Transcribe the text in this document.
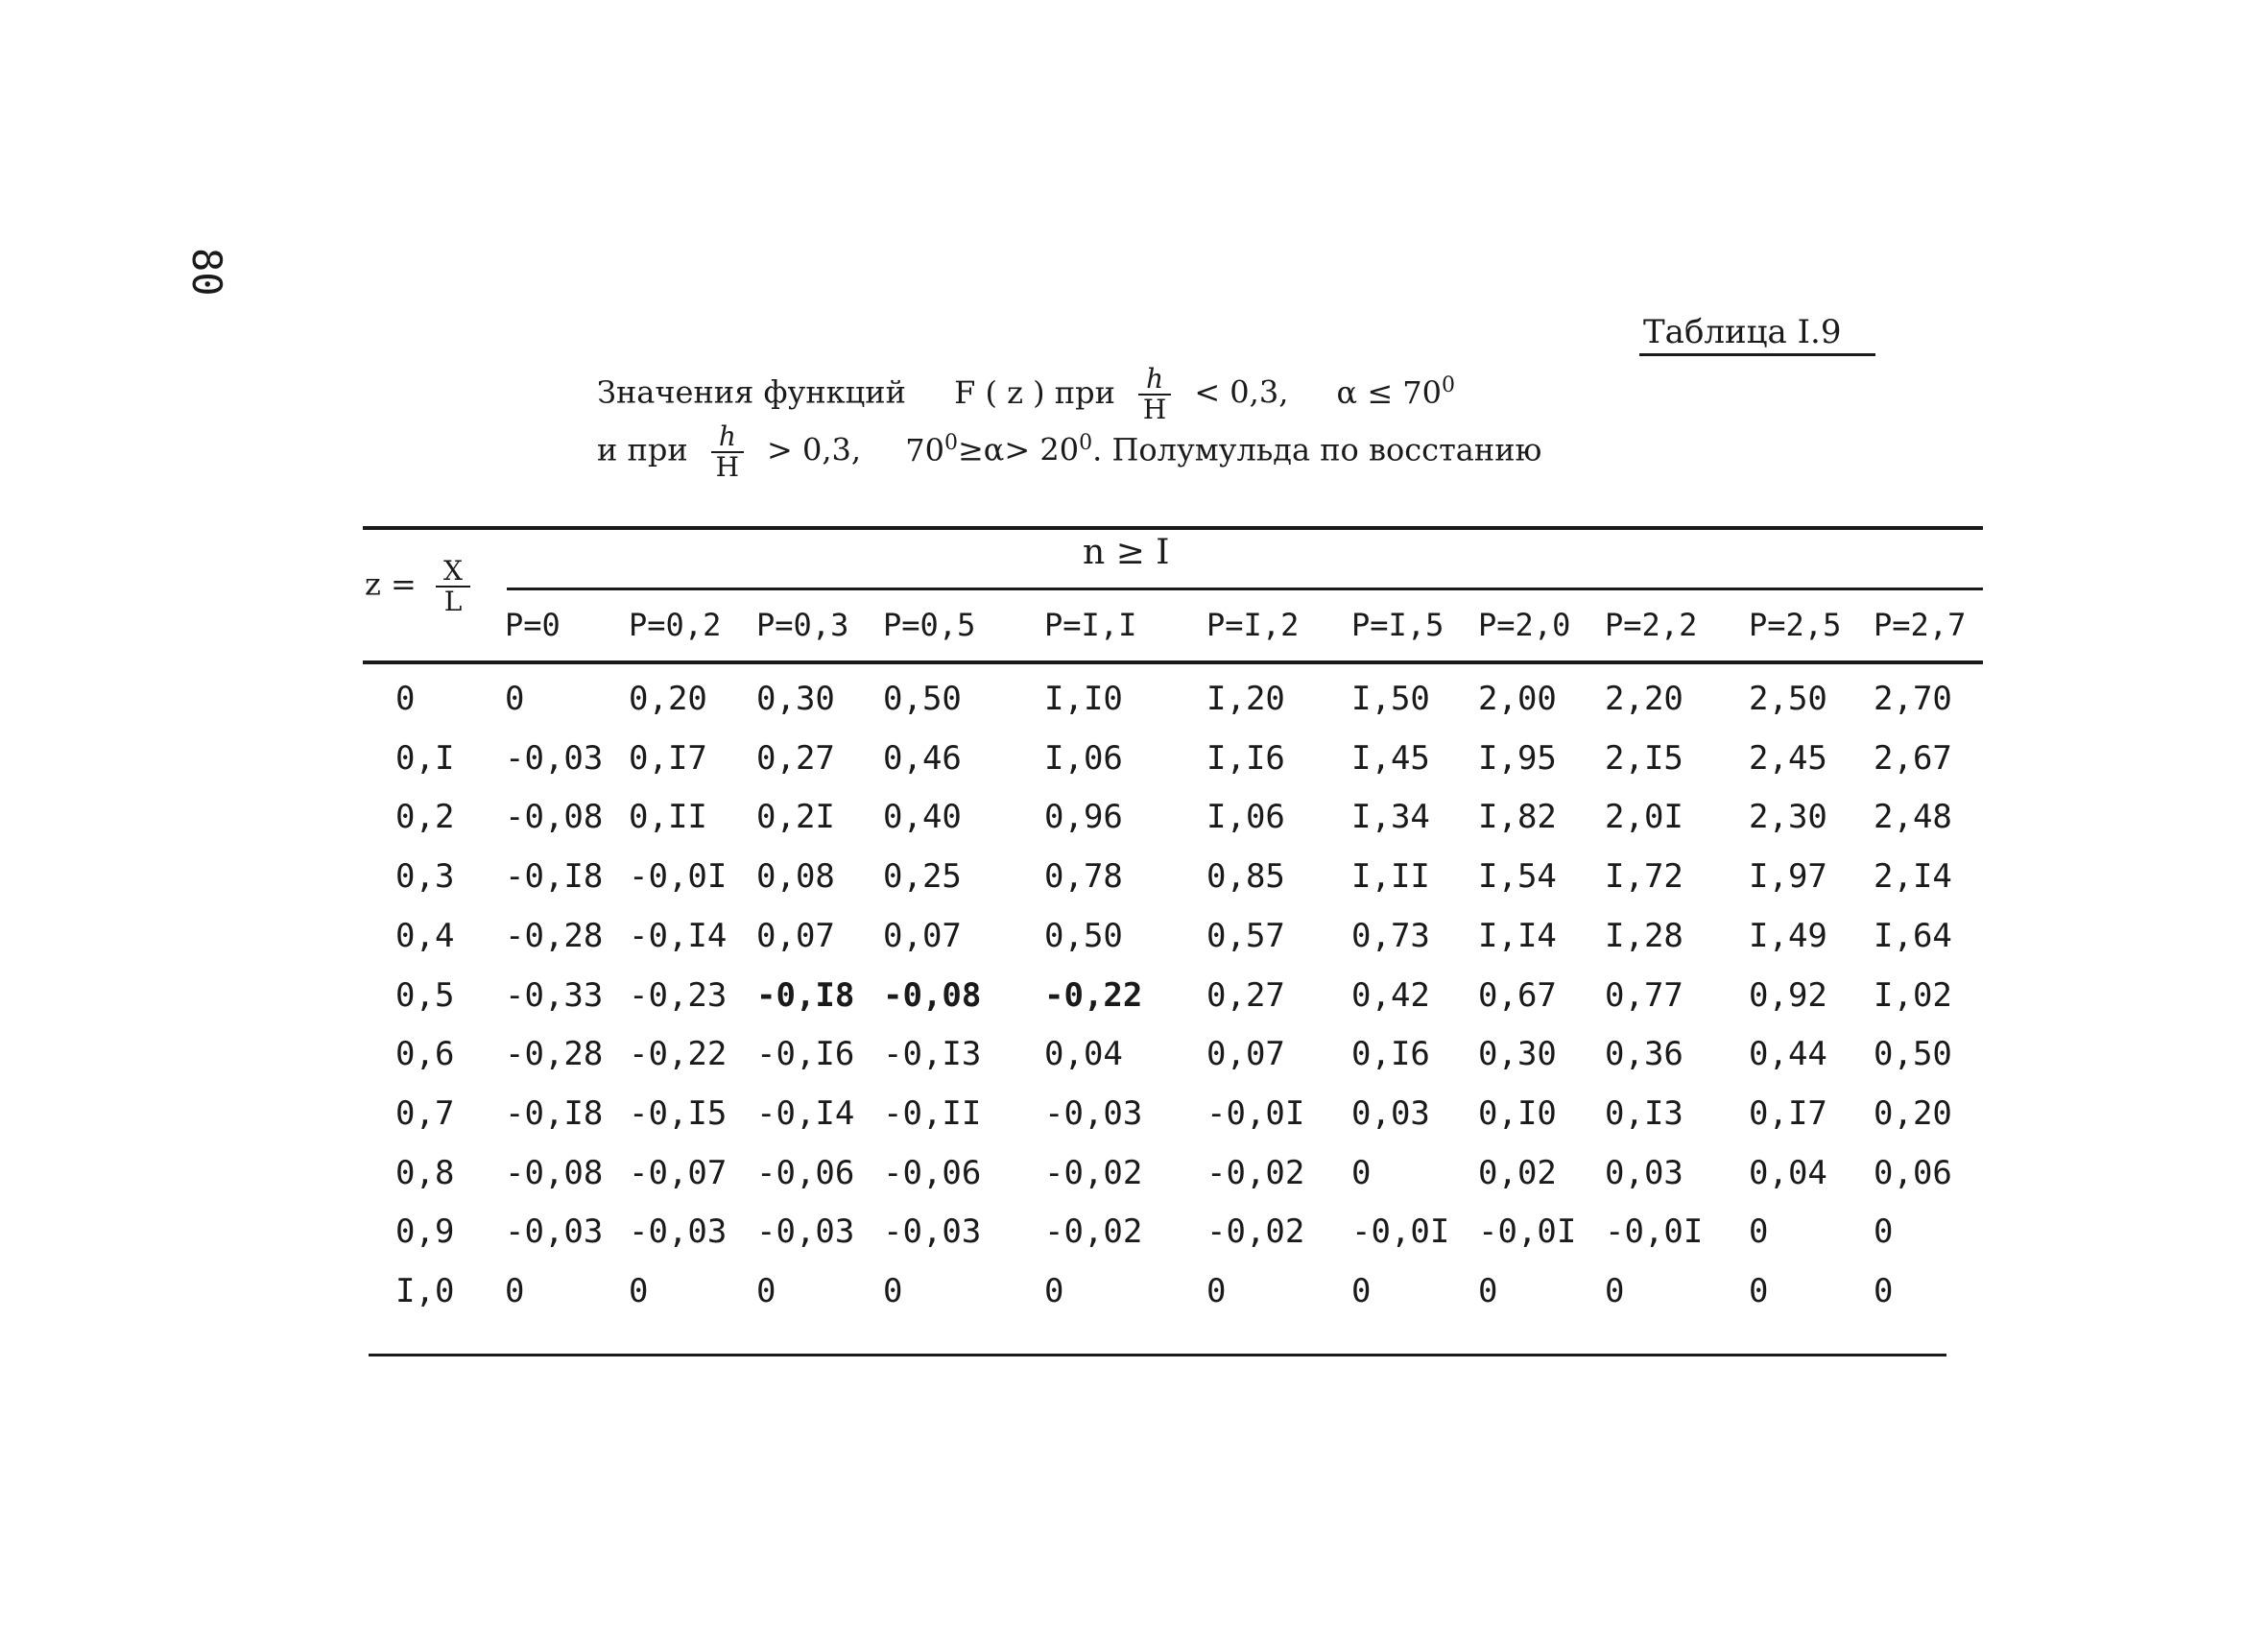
80
Таблица I.9
Значения функций F ( z ) при $\frac{h}{H} < 0,3$, $\alpha \le 70^0$
и при $\frac{h}{H} > 0,3$, $70^0\ge\alpha> 20^0$. Полумульда по восстанию
$z = \frac{X}{L}$
n ≥ I
P=0 P=0,2 P=0,3 P=0,5 P=I,I P=I,2 P=I,5 P=2,0 P=2,2 P=2,5 P=2,7
0	0	0,20 0,30 0,50	I,I0	I,20 I,50 2,00 2,20 2,50 2,70
0,I -0,03 0,I7 0,27 0,46	I,06	I,I6 I,45 I,95 2,I5 2,45 2,67
0,2 -0,08 0,II 0,2I 0,40	0,96	I,06 I,34 I,82 2,0I 2,30 2,48
0,3 -0,I8 -0,0I 0,08 0,25	0,78	0,85 I,II I,54 I,72 I,97 2,I4
0,4 -0,28 -0,I4 0,07 0,07	0,50	0,57 0,73 I,I4 I,28 I,49 I,64
0,5 -0,33 -0,23 -0,I8 -0,08 -0,22 0,27 0,42 0,67 0,77 0,92 I,02
0,6 -0,28 -0,22 -0,I6 -0,I3 0,04	0,07 0,I6 0,30 0,36 0,44 0,50
0,7 -0,I8 -0,I5 -0,I4 -0,II -0,03 -0,0I 0,03 0,I0 0,I3 0,I7 0,20
0,8 -0,08 -0,07 -0,06 -0,06 -0,02 -0,02 0	0,02 0,03 0,04 0,06
0,9 -0,03 -0,03 -0,03 -0,03 -0,02 -0,02 -0,0I -0,0I -0,0I 0	0
I,0 0	0	0	0	0	0	0	0	0	0	0
